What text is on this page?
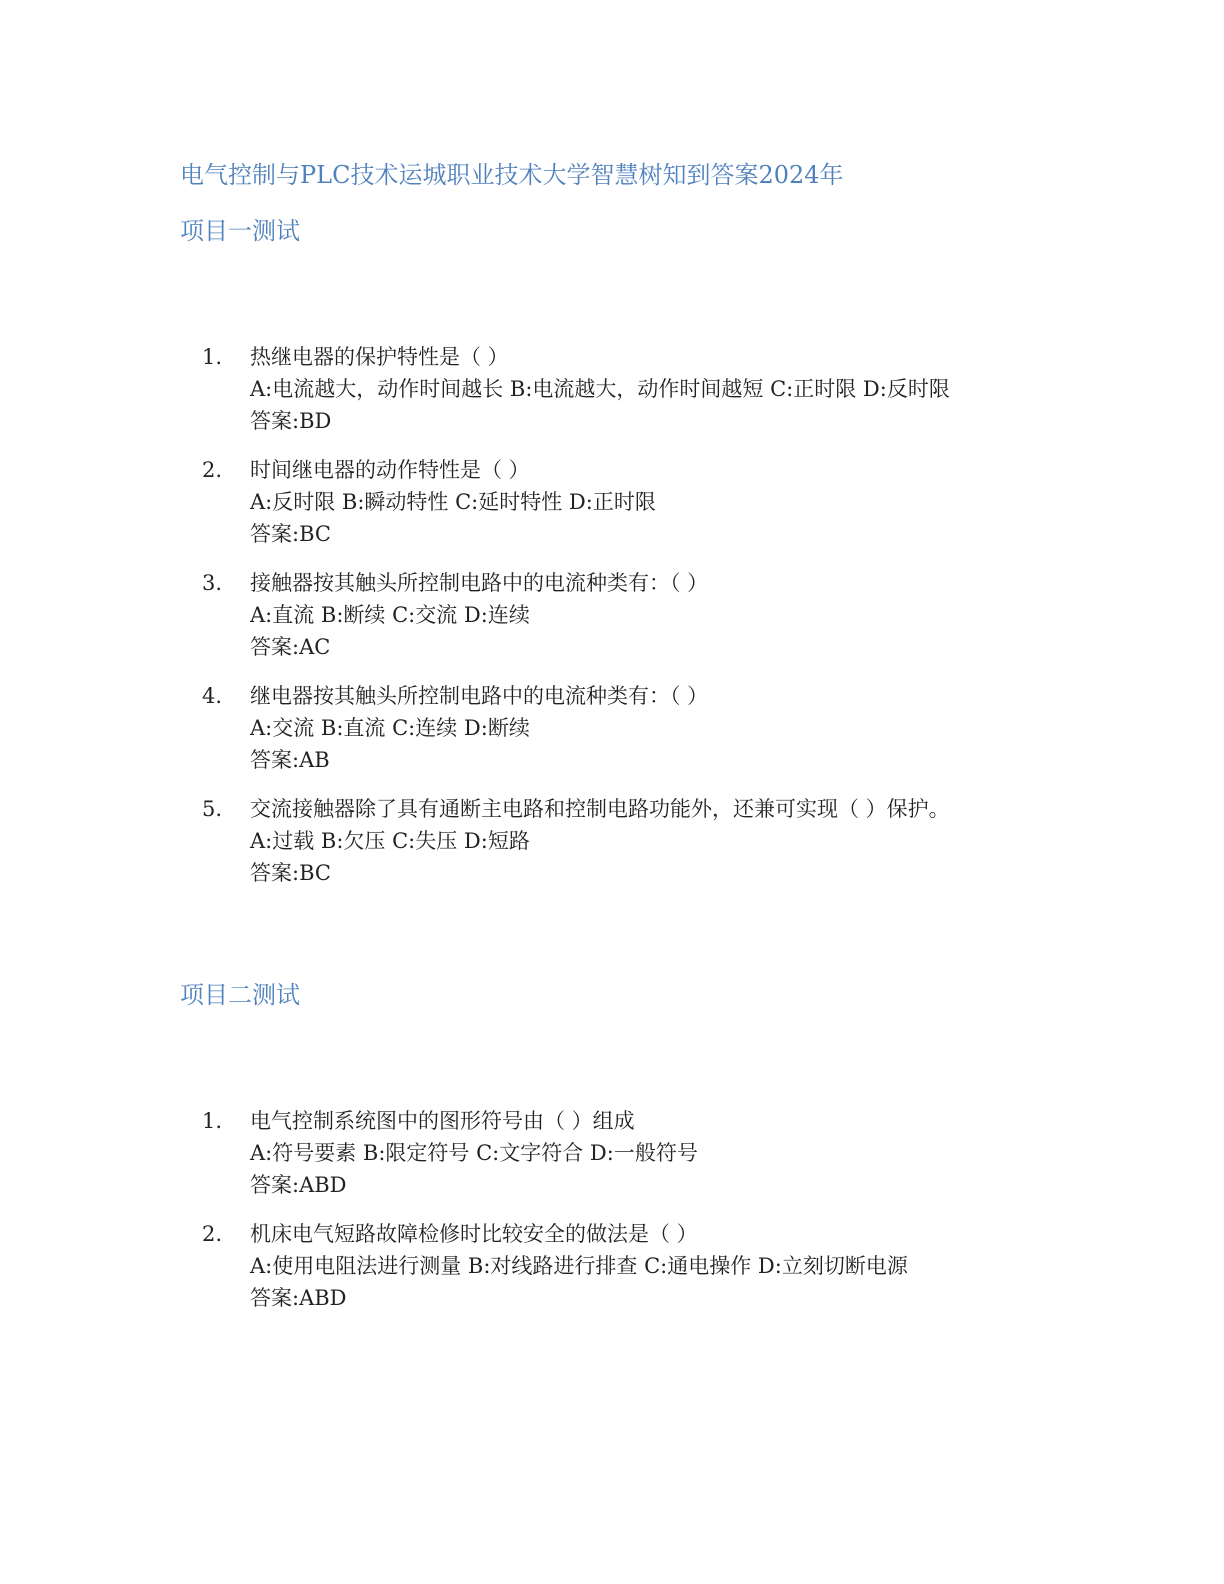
电气控制与PLC技术运城职业技术大学智慧树知到答案2024年
项目一测试
1. 热继电器的保护特性是（ ）
A:电流越大，动作时间越长 B:电流越大，动作时间越短 C:正时限 D:反时限
答案:BD
2. 时间继电器的动作特性是（ ）
A:反时限 B:瞬动特性 C:延时特性 D:正时限
答案:BC
3. 接触器按其触头所控制电路中的电流种类有：（ ）
A:直流 B:断续 C:交流 D:连续
答案:AC
4. 继电器按其触头所控制电路中的电流种类有：（ ）
A:交流 B:直流 C:连续 D:断续
答案:AB
5. 交流接触器除了具有通断主电路和控制电路功能外，还兼可实现（ ）保护。
A:过载 B:欠压 C:失压 D:短路
答案:BC
项目二测试
1. 电气控制系统图中的图形符号由（ ）组成
A:符号要素 B:限定符号 C:文字符合 D:一般符号
答案:ABD
2. 机床电气短路故障检修时比较安全的做法是（ ）
A:使用电阻法进行测量 B:对线路进行排查 C:通电操作 D:立刻切断电源
答案:ABD
